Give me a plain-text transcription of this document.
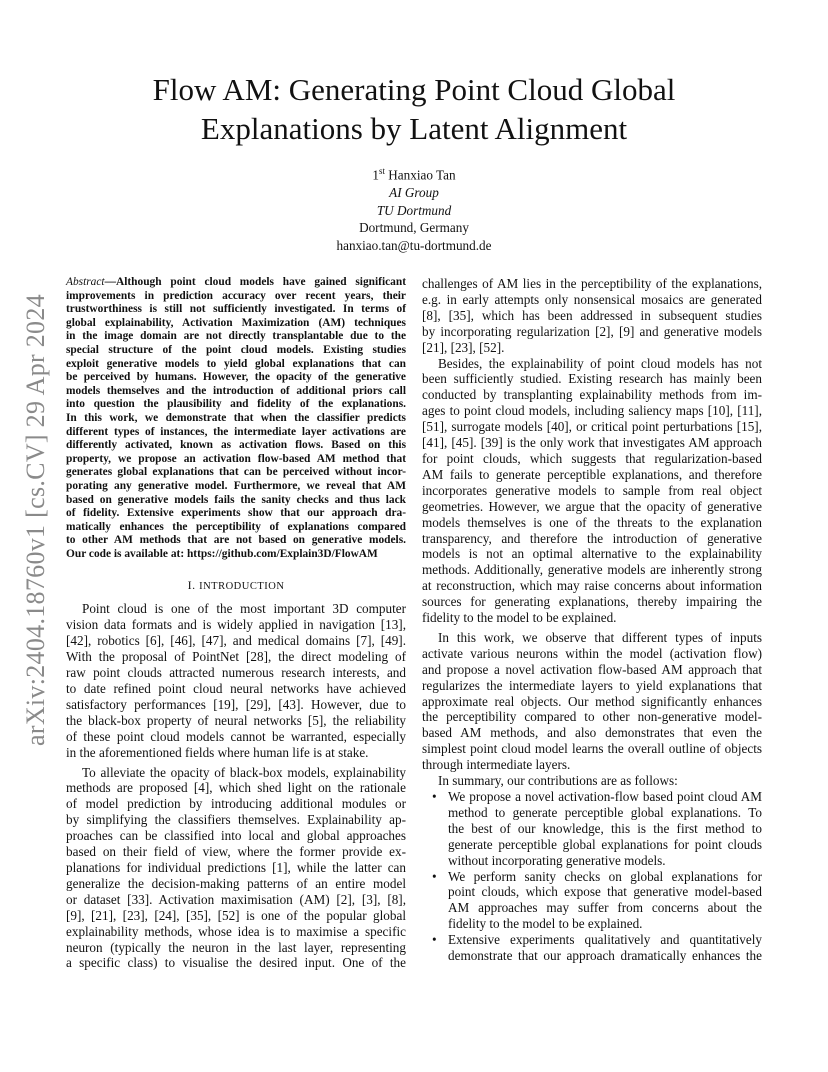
arXiv:2404.18760v1 [cs.CV] 29 Apr 2024
Flow AM: Generating Point Cloud Global
Explanations by Latent Alignment
1st Hanxiao Tan
AI Group
TU Dortmund
Dortmund, Germany
hanxiao.tan@tu-dortmund.de
Abstract—Although point cloud models have gained significant
improvements in prediction accuracy over recent years, their
trustworthiness is still not sufficiently investigated. In terms of
global explainability, Activation Maximization (AM) techniques
in the image domain are not directly transplantable due to the
special structure of the point cloud models. Existing studies
exploit generative models to yield global explanations that can
be perceived by humans. However, the opacity of the generative
models themselves and the introduction of additional priors call
into question the plausibility and fidelity of the explanations.
In this work, we demonstrate that when the classifier predicts
different types of instances, the intermediate layer activations are
differently activated, known as activation flows. Based on this
property, we propose an activation flow-based AM method that
generates global explanations that can be perceived without incor-
porating any generative model. Furthermore, we reveal that AM
based on generative models fails the sanity checks and thus lack
of fidelity. Extensive experiments show that our approach dra-
matically enhances the perceptibility of explanations compared
to other AM methods that are not based on generative models.
Our code is available at: https://github.com/Explain3D/FlowAM
I. INTRODUCTION
Point cloud is one of the most important 3D computer
vision data formats and is widely applied in navigation [13],
[42], robotics [6], [46], [47], and medical domains [7], [49].
With the proposal of PointNet [28], the direct modeling of
raw point clouds attracted numerous research interests, and
to date refined point cloud neural networks have achieved
satisfactory performances [19], [29], [43]. However, due to
the black-box property of neural networks [5], the reliability
of these point cloud models cannot be warranted, especially
in the aforementioned fields where human life is at stake.
To alleviate the opacity of black-box models, explainability
methods are proposed [4], which shed light on the rationale
of model prediction by introducing additional modules or
by simplifying the classifiers themselves. Explainability ap-
proaches can be classified into local and global approaches
based on their field of view, where the former provide ex-
planations for individual predictions [1], while the latter can
generalize the decision-making patterns of an entire model
or dataset [33]. Activation maximisation (AM) [2], [3], [8],
[9], [21], [23], [24], [35], [52] is one of the popular global
explainability methods, whose idea is to maximise a specific
neuron (typically the neuron in the last layer, representing
a specific class) to visualise the desired input. One of the
challenges of AM lies in the perceptibility of the explanations,
e.g. in early attempts only nonsensical mosaics are generated
[8], [35], which has been addressed in subsequent studies
by incorporating regularization [2], [9] and generative models
[21], [23], [52].
Besides, the explainability of point cloud models has not
been sufficiently studied. Existing research has mainly been
conducted by transplanting explainability methods from im-
ages to point cloud models, including saliency maps [10], [11],
[51], surrogate models [40], or critical point perturbations [15],
[41], [45]. [39] is the only work that investigates AM approach
for point clouds, which suggests that regularization-based
AM fails to generate perceptible explanations, and therefore
incorporates generative models to sample from real object
geometries. However, we argue that the opacity of generative
models themselves is one of the threats to the explanation
transparency, and therefore the introduction of generative
models is not an optimal alternative to the explainability
methods. Additionally, generative models are inherently strong
at reconstruction, which may raise concerns about information
sources for generating explanations, thereby impairing the
fidelity to the model to be explained.
In this work, we observe that different types of inputs
activate various neurons within the model (activation flow)
and propose a novel activation flow-based AM approach that
regularizes the intermediate layers to yield explanations that
approximate real objects. Our method significantly enhances
the perceptibility compared to other non-generative model-
based AM methods, and also demonstrates that even the
simplest point cloud model learns the overall outline of objects
through intermediate layers.
In summary, our contributions are as follows:
• We propose a novel activation-flow based point cloud AM
method to generate perceptible global explanations. To
the best of our knowledge, this is the first method to
generate perceptible global explanations for point clouds
without incorporating generative models.
• We perform sanity checks on global explanations for
point clouds, which expose that generative model-based
AM approaches may suffer from concerns about the
fidelity to the model to be explained.
• Extensive experiments qualitatively and quantitatively
demonstrate that our approach dramatically enhances the
